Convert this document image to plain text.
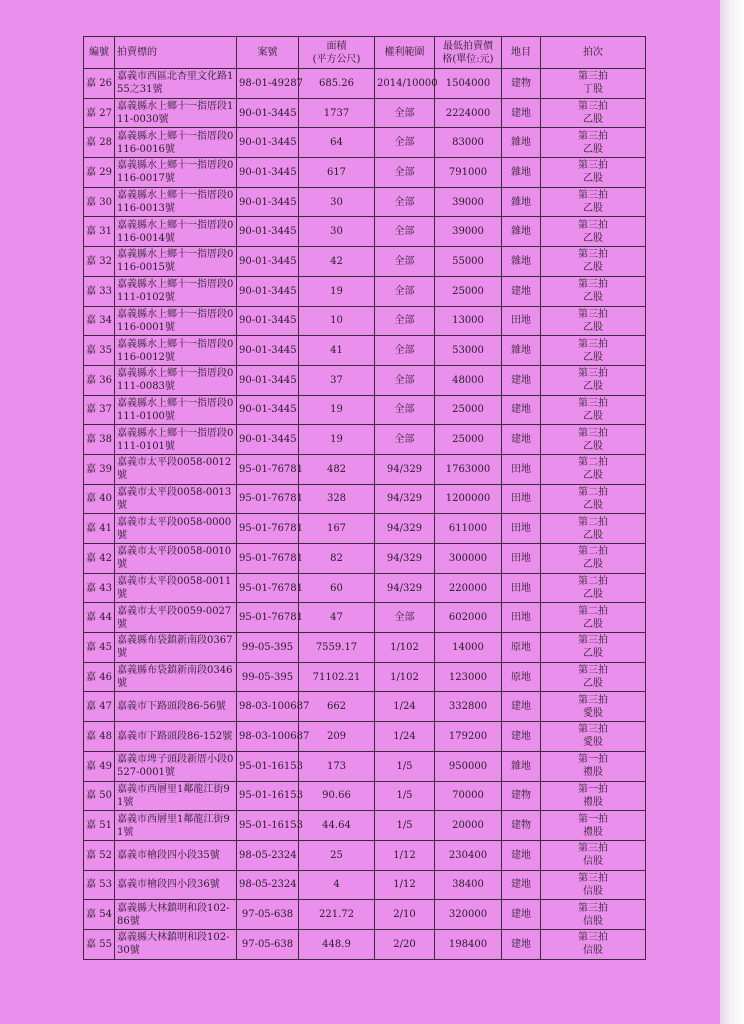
編號	拍賣標的	案號	面積
(平方公尺)	權利範圍	最低拍賣價
格(單位:元)	地目	拍次
嘉 26	嘉義市西區北杏里文化路155之31號	98-01-49287	685.26	2014/10000	1504000	建物	第三拍
丁股

嘉 27	嘉義縣水上鄉十一指厝段111-0030號	90-01-3445	1737	全部	2224000	建地	第三拍
乙股

嘉 28	嘉義縣水上鄉十一指厝段0116-0016號	90-01-3445	64	全部	83000	雜地	第三拍
乙股

嘉 29	嘉義縣水上鄉十一指厝段0116-0017號	90-01-3445	617	全部	791000	雜地	第三拍
乙股

嘉 30	嘉義縣水上鄉十一指厝段0116-0013號	90-01-3445	30	全部	39000	雜地	第三拍
乙股

嘉 31	嘉義縣水上鄉十一指厝段0116-0014號	90-01-3445	30	全部	39000	雜地	第三拍
乙股

嘉 32	嘉義縣水上鄉十一指厝段0116-0015號	90-01-3445	42	全部	55000	雜地	第三拍
乙股

嘉 33	嘉義縣水上鄉十一指厝段0111-0102號	90-01-3445	19	全部	25000	建地	第三拍
乙股

嘉 34	嘉義縣水上鄉十一指厝段0116-0001號	90-01-3445	10	全部	13000	田地	第三拍
乙股

嘉 35	嘉義縣水上鄉十一指厝段0116-0012號	90-01-3445	41	全部	53000	雜地	第三拍
乙股

嘉 36	嘉義縣水上鄉十一指厝段0111-0083號	90-01-3445	37	全部	48000	建地	第三拍
乙股

嘉 37	嘉義縣水上鄉十一指厝段0111-0100號	90-01-3445	19	全部	25000	建地	第三拍
乙股

嘉 38	嘉義縣水上鄉十一指厝段0111-0101號	90-01-3445	19	全部	25000	建地	第三拍
乙股

嘉 39	嘉義市太平段0058-0012號	95-01-76781	482	94/329	1763000	田地	第二拍
乙股

嘉 40	嘉義市太平段0058-0013號	95-01-76781	328	94/329	1200000	田地	第二拍
乙股

嘉 41	嘉義市太平段0058-0000號	95-01-76781	167	94/329	611000	田地	第二拍
乙股

嘉 42	嘉義市太平段0058-0010號	95-01-76781	82	94/329	300000	田地	第二拍
乙股

嘉 43	嘉義市太平段0058-0011號	95-01-76781	60	94/329	220000	田地	第二拍
乙股

嘉 44	嘉義市太平段0059-0027號	95-01-76781	47	全部	602000	田地	第二拍
乙股

嘉 45	嘉義縣布袋鎮新南段0367號	99-05-395	7559.17	1/102	14000	原地	第三拍
乙股

嘉 46	嘉義縣布袋鎮新南段0346號	99-05-395	71102.21	1/102	123000	原地	第三拍
乙股

嘉 47	嘉義市下路頭段86-56號	98-03-100687	662	1/24	332800	建地	第三拍
愛股

嘉 48	嘉義市下路頭段86-152號	98-03-100687	209	1/24	179200	建地	第三拍
愛股

嘉 49	嘉義市埤子頭段新厝小段0527-0001號	95-01-16153	173	1/5	950000	雜地	第一拍
禮股

嘉 50	嘉義市西層里1鄰龍江街91號	95-01-16153	90.66	1/5	70000	建物	第一拍
禮股

嘉 51	嘉義市西層里1鄰龍江街91號	95-01-16153	44.64	1/5	20000	建物	第一拍
禮股

嘉 52	嘉義市檜段四小段35號	98-05-2324	25	1/12	230400	建地	第三拍
信股

嘉 53	嘉義市檜段四小段36號	98-05-2324	4	1/12	38400	建地	第三拍
信股

嘉 54	嘉義縣大林鎮明和段102-86號	97-05-638	221.72	2/10	320000	建地	第三拍
信股

嘉 55	嘉義縣大林鎮明和段102-30號	97-05-638	448.9	2/20	198400	建地	第三拍
信股
